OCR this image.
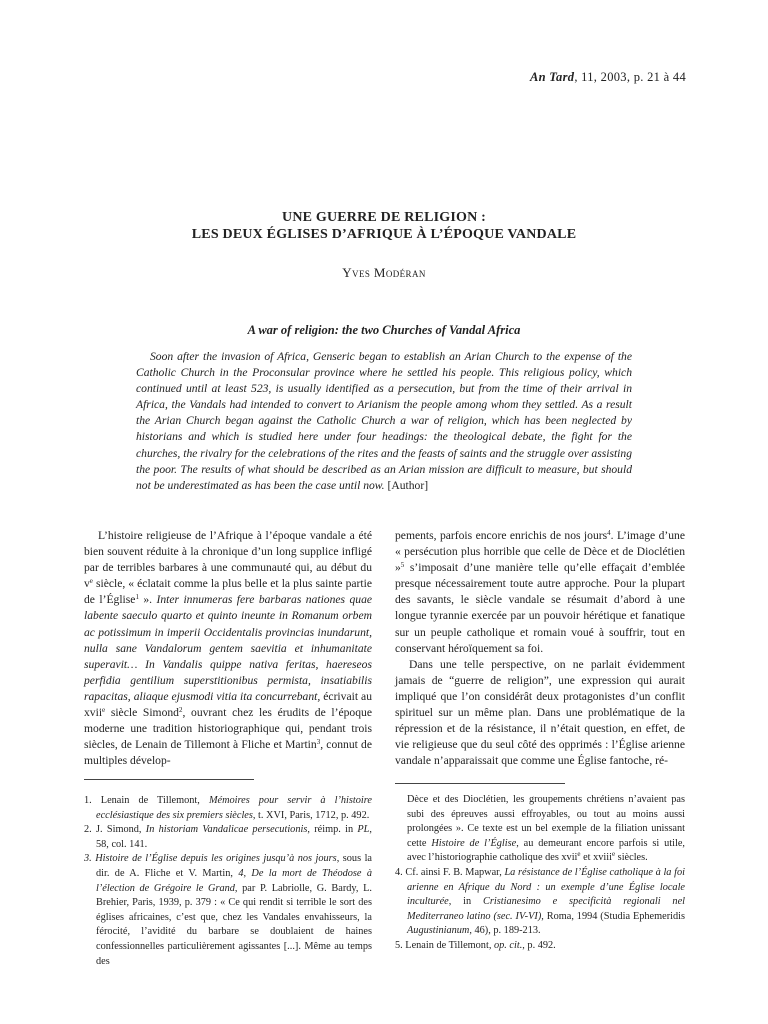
An Tard, 11, 2003, p. 21 à 44
UNE GUERRE DE RELIGION :
LES DEUX ÉGLISES D’AFRIQUE À L’ÉPOQUE VANDALE
Yves Modéran
A war of religion: the two Churches of Vandal Africa
Soon after the invasion of Africa, Genseric began to establish an Arian Church to the expense of the Catholic Church in the Proconsular province where he settled his people. This religious policy, which continued until at least 523, is usually identified as a persecution, but from the time of their arrival in Africa, the Vandals had intended to convert to Arianism the people among whom they settled. As a result the Arian Church began against the Catholic Church a war of religion, which has been neglected by historians and which is studied here under four headings: the theological debate, the fight for the churches, the rivalry for the celebrations of the rites and the feasts of saints and the struggle over assisting the poor. The results of what should be described as an Arian mission are difficult to measure, but should not be underestimated as has been the case until now. [Author]

L’histoire religieuse de l’Afrique à l’époque vandale a été bien souvent réduite à la chronique d’un long supplice infligé par de terribles barbares à une communauté qui, au début du $v^e$ siècle, « éclatait comme la plus belle et la plus sainte partie de l’Église$^1$ ». Inter innumeras fere barbaras nationes quae labente saeculo quarto et quinto ineunte in Romanum orbem ac potissimum in imperii Occidentalis provincias inundarunt, nulla sane Vandalorum gentem saevitia et inhumanitate superavit… In Vandalis quippe nativa feritas, haereseos perfidia gentilium superstitionibus permista, insatiabilis rapacitas, aliaque ejusmodi vitia ita concurrebant, écrivait au xvii$^e$ siècle Simond$^2$, ouvrant chez les érudits de l’époque moderne une tradition historiographique qui, pendant trois siècles, de Lenain de Tillemont à Fliche et Martin$^3$, connut de multiples dévelop-

pements, parfois encore enrichis de nos jours$^4$. L’image d’une « persécution plus horrible que celle de Dèce et de Dioclétien »$^5$ s’imposait d’une manière telle qu’elle effaçait d’emblée presque nécessairement toute autre approche. Pour la plupart des savants, le siècle vandale se résumait d’abord à une longue tyrannie exercée par un pouvoir hérétique et fanatique sur un peuple catholique et romain voué à souffrir, tout en conservant héroïquement sa foi.

Dans une telle perspective, on ne parlait évidemment jamais de “guerre de religion”, une expression qui aurait impliqué que l’on considérât deux protagonistes d’un conflit spirituel sur un même plan. Dans une problématique de la répression et de la résistance, il n’était question, en effet, de vie religieuse que du seul côté des opprimés : l’Église arienne vandale n’apparaissait que comme une Église fantoche, ré-

1. Lenain de Tillemont, Mémoires pour servir à l’histoire ecclésiastique des six premiers siècles, t. XVI, Paris, 1712, p. 492.

2. J. Simond, In historiam Vandalicae persecutionis, réimp. in PL, 58, col. 141.

3. Histoire de l’Église depuis les origines jusqu’à nos jours, sous la dir. de A. Fliche et V. Martin, 4, De la mort de Théodose à l’élection de Grégoire le Grand, par P. Labriolle, G. Bardy, L. Brehier, Paris, 1939, p. 379 : « Ce qui rendit si terrible le sort des églises africaines, c’est que, chez les Vandales envahisseurs, la férocité, l’avidité du barbare se doublaient de haines confessionnelles particulièrement agissantes [...]. Même au temps des

Dèce et des Dioclétien, les groupements chrétiens n’avaient pas subi des épreuves aussi effroyables, ou tout au moins aussi prolongées ». Ce texte est un bel exemple de la filiation unissant cette Histoire de l’Église, au demeurant encore parfois si utile, avec l’historiographie catholique des xvii$^e$ et xviii$^e$ siècles.

4. Cf. ainsi F. B. Mapwar, La résistance de l’Église catholique à la foi arienne en Afrique du Nord : un exemple d’une Église locale inculturée, in Cristianesimo e specificità regionali nel Mediterraneo latino (sec. IV-VI), Roma, 1994 (Studia Ephemeridis Augustinianum, 46), p. 189-213.

5. Lenain de Tillemont, op. cit., p. 492.
